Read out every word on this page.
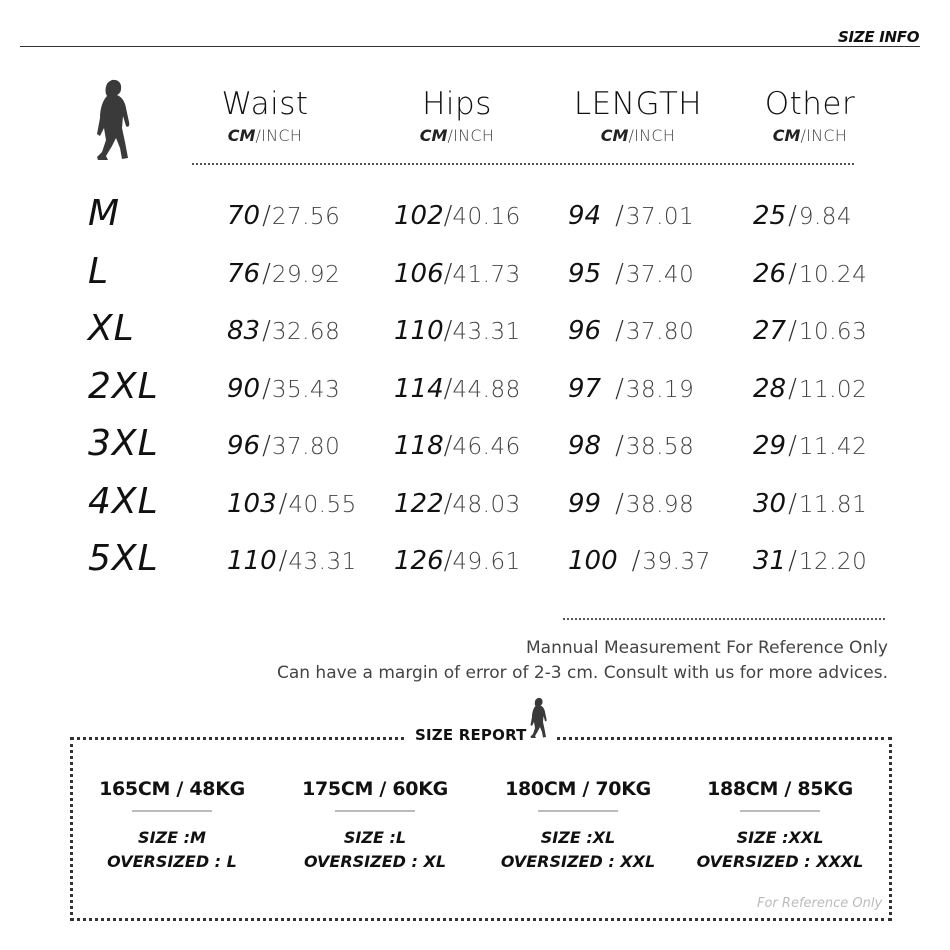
SIZE INFO
Waist
CM/INCH
Hips
CM/INCH
LENGTH
CM/INCH
Other
CM/INCH
M	70/27.56 102/40.16 94 /37.01 25/9.84
L	76/29.92 106/41.73 95 /37.40 26/10.24
XL	83/32.68 110/43.31 96 /37.80 27/10.63
2XL	90/35.43 114/44.88 97 /38.19 28/11.02
3XL	96/37.80 118/46.46 98 /38.58 29/11.42
4XL	103/40.55 122/48.03 99 /38.98 30/11.81
5XL	110/43.31 126/49.61 100 /39.37 31/12.20
Mannual Measurement For Reference Only
Can have a margin of error of 2-3 cm. Consult with us for more advices.
SIZE REPORT
165CM / 48KG
SIZE :M
OVERSIZED : L
175CM / 60KG
SIZE :L
OVERSIZED : XL
180CM / 70KG
SIZE :XL
OVERSIZED : XXL
188CM / 85KG
SIZE :XXL
OVERSIZED : XXXL
For Reference Only
